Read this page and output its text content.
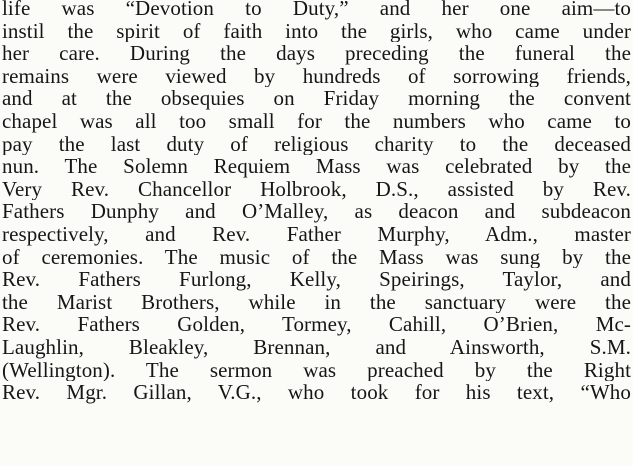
life was “Devotion to Duty,” and her one aim—to
instil the spirit of faith into the girls, who came under
her care. During the days preceding the funeral the
remains were viewed by hundreds of sorrowing friends,
and at the obsequies on Friday morning the convent
chapel was all too small for the numbers who came to
pay the last duty of religious charity to the deceased
nun. The Solemn Requiem Mass was celebrated by the
Very Rev. Chancellor Holbrook, D.S., assisted by Rev.
Fathers Dunphy and O’Malley, as deacon and subdeacon
respectively, and Rev. Father Murphy, Adm., master
of ceremonies. The music of the Mass was sung by the
Rev. Fathers Furlong, Kelly, Speirings, Taylor, and
the Marist Brothers, while in the sanctuary were the
Rev. Fathers Golden, Tormey, Cahill, O’Brien, Mc-
Laughlin, Bleakley, Brennan, and Ainsworth, S.M.
(Wellington). The sermon was preached by the Right
Rev. Mgr. Gillan, V.G., who took for his text, “Who
